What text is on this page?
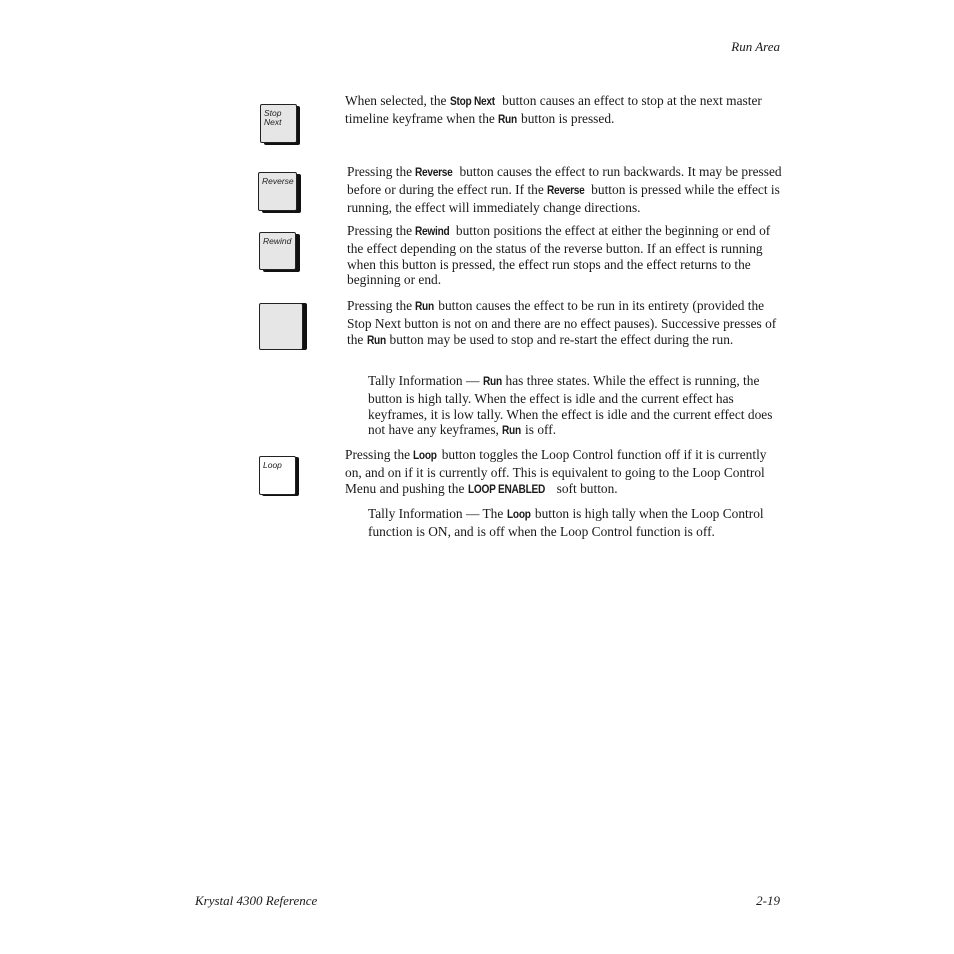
Run Area
Stop
Next
When selected, the Stop Next button causes an effect to stop at the next master timeline keyframe when the Run button is pressed.
Reverse
Pressing the Reverse button causes the effect to run backwards. It may be pressed before or during the effect run. If the Reverse button is pressed while the effect is running, the effect will immediately change directions.
Rewind
Pressing the Rewind button positions the effect at either the beginning or end of the effect depending on the status of the reverse button. If an effect is running when this button is pressed, the effect run stops and the effect returns to the beginning or end.
Pressing the Run button causes the effect to be run in its entirety (provided the Stop Next button is not on and there are no effect pauses). Successive presses of the Run button may be used to stop and re-start the effect during the run.
Tally Information — Run has three states. While the effect is running, the button is high tally. When the effect is idle and the current effect has keyframes, it is low tally. When the effect is idle and the current effect does not have any keyframes, Run is off.
Loop
Pressing the Loop button toggles the Loop Control function off if it is currently on, and on if it is currently off. This is equivalent to going to the Loop Control Menu and pushing the LOOP ENABLED soft button.
Tally Information — The Loop button is high tally when the Loop Control function is ON, and is off when the Loop Control function is off.
Krystal 4300 Reference	2-19
